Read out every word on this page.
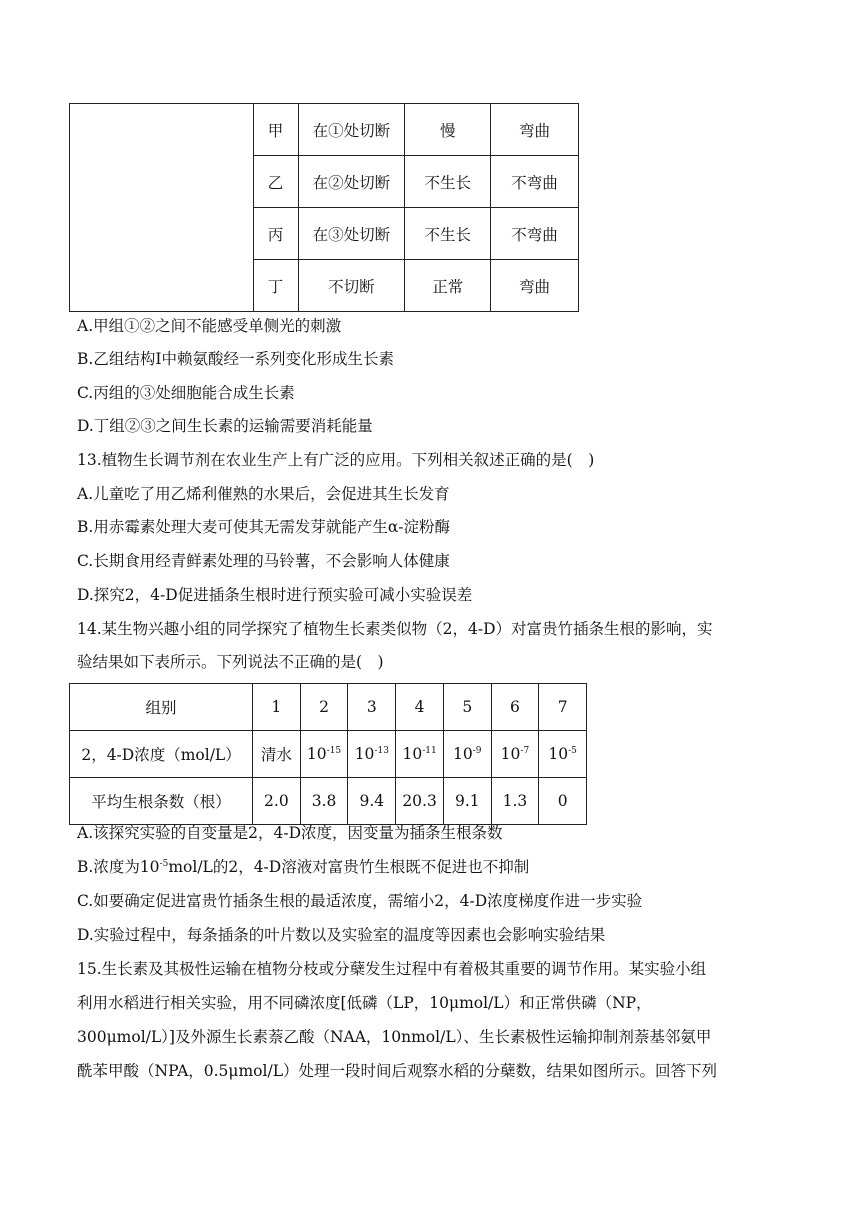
	甲	在①处切断	慢	弯曲
	乙	在②处切断	不生长	不弯曲
	丙	在③处切断	不生长	不弯曲
	丁	不切断	正常	弯曲
A.甲组①②之间不能感受单侧光的刺激
B.乙组结构Ⅰ中赖氨酸经一系列变化形成生长素
C.丙组的③处细胞能合成生长素
D.丁组②③之间生长素的运输需要消耗能量
13.植物生长调节剂在农业生产上有广泛的应用。下列相关叙述正确的是(　)
A.儿童吃了用乙烯利催熟的水果后，会促进其生长发育
B.用赤霉素处理大麦可使其无需发芽就能产生α-淀粉酶
C.长期食用经青鲜素处理的马铃薯，不会影响人体健康
D.探究2，4-D促进插条生根时进行预实验可减小实验误差
14.某生物兴趣小组的同学探究了植物生长素类似物（2，4-D）对富贵竹插条生根的影响，实
验结果如下表所示。下列说法不正确的是(　)
组别	1	2	3	4	5	6	7
2，4-D浓度（mol/L）	清水	$10^{-15}$	$10^{-13}$	$10^{-11}$	$10^{-9}$	$10^{-7}$	$10^{-5}$
平均生根条数（根）	2.0	3.8	9.4	20.3	9.1	1.3	0
A.该探究实验的自变量是2，4-D浓度，因变量为插条生根条数
B.浓度为$10^{-5}mol/L$的2，4-D溶液对富贵竹生根既不促进也不抑制
C.如要确定促进富贵竹插条生根的最适浓度，需缩小2，4-D浓度梯度作进一步实验
D.实验过程中，每条插条的叶片数以及实验室的温度等因素也会影响实验结果
15.生长素及其极性运输在植物分枝或分蘖发生过程中有着极其重要的调节作用。某实验小组
利用水稻进行相关实验，用不同磷浓度[低磷（LP，10μmol/L）和正常供磷（NP，
300μmol/L）]及外源生长素萘乙酸（NAA，10nmol/L）、生长素极性运输抑制剂萘基邻氨甲
酰苯甲酸（NPA，0.5μmol/L）处理一段时间后观察水稻的分蘖数，结果如图所示。回答下列
